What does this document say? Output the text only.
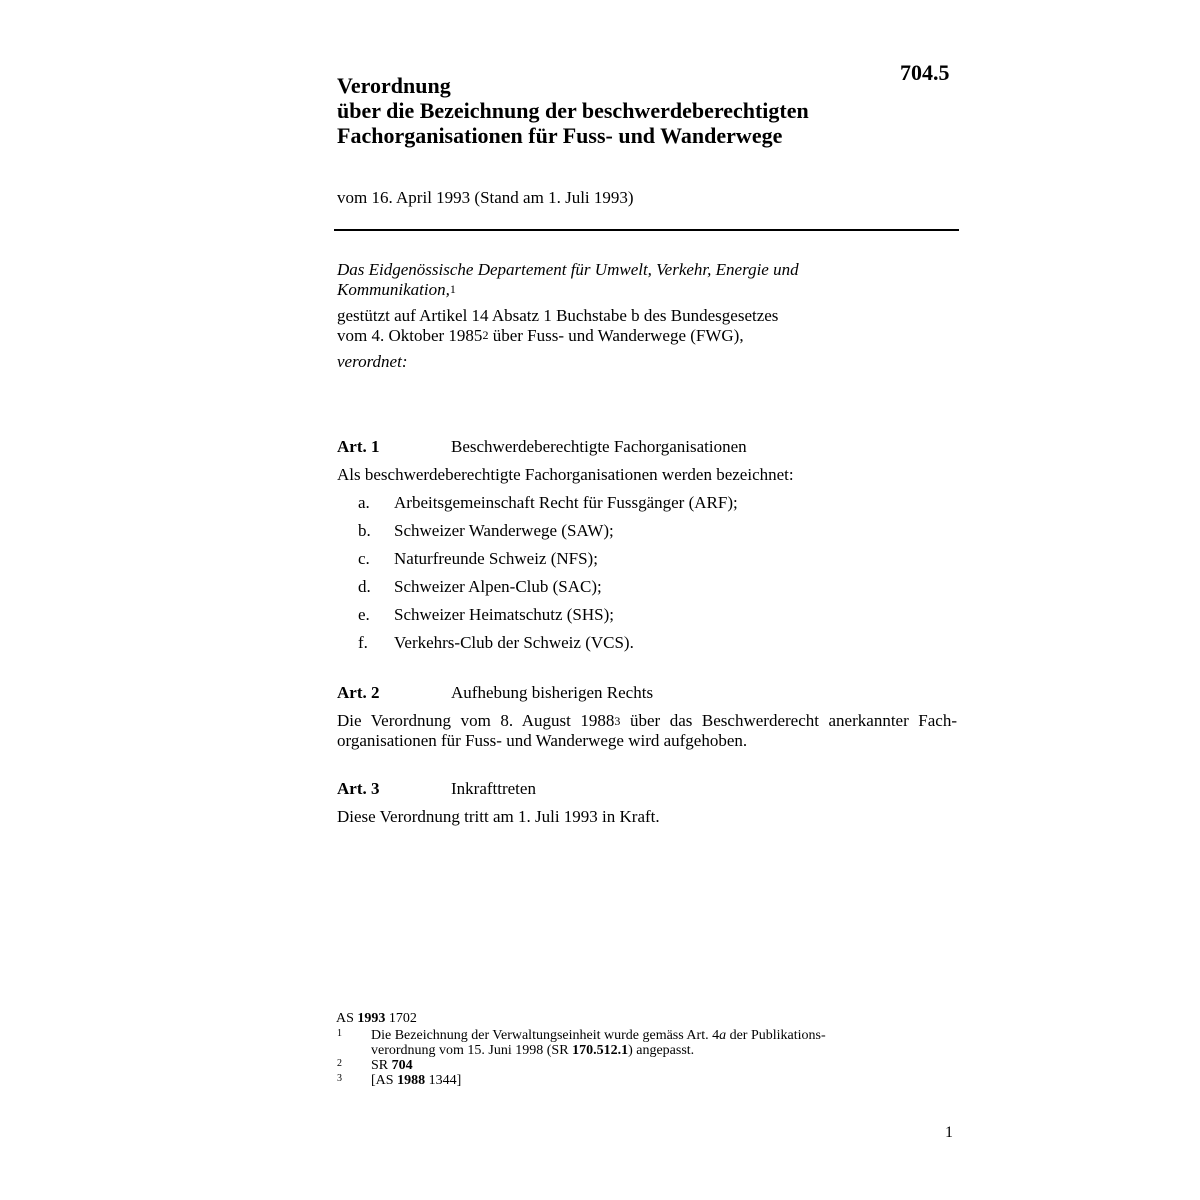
704.5
Verordnung
über die Bezeichnung der beschwerdeberechtigten
Fachorganisationen für Fuss- und Wanderwege
vom 16. April 1993 (Stand am 1. Juli 1993)
Das Eidgenössische Departement für Umwelt, Verkehr, Energie und
Kommunikation,$^1$
gestützt auf Artikel 14 Absatz 1 Buchstabe b des Bundesgesetzes
vom 4. Oktober 1985$^2$ über Fuss- und Wanderwege (FWG),
verordnet:
Art. 1	Beschwerdeberechtigte Fachorganisationen
Als beschwerdeberechtigte Fachorganisationen werden bezeichnet:
a. Arbeitsgemeinschaft Recht für Fussgänger (ARF);
b. Schweizer Wanderwege (SAW);
c. Naturfreunde Schweiz (NFS);
d. Schweizer Alpen-Club (SAC);
e. Schweizer Heimatschutz (SHS);
f. Verkehrs-Club der Schweiz (VCS).
Art. 2	Aufhebung bisherigen Rechts
Die Verordnung vom 8. August 1988$^3$ über das Beschwerderecht anerkannter Fach-organisationen für Fuss- und Wanderwege wird aufgehoben.
Art. 3	Inkrafttreten
Diese Verordnung tritt am 1. Juli 1993 in Kraft.
AS 1993 1702
1 Die Bezeichnung der Verwaltungseinheit wurde gemäss Art. 4a der Publikations-
verordnung vom 15. Juni 1998 (SR 170.512.1) angepasst.
2 SR 704
3 [AS 1988 1344]
1
